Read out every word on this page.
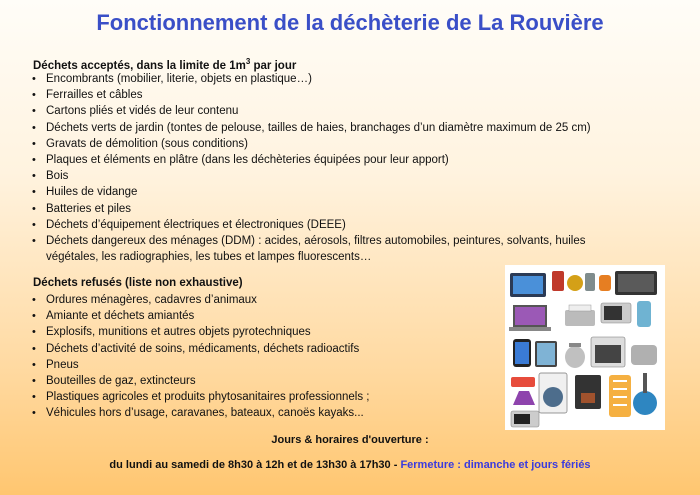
Fonctionnement de la déchèterie de La Rouvière
Déchets acceptés, dans la limite de $1m^3$ par jour
• Encombrants (mobilier, literie, objets en plastique…)
• Ferrailles et câbles
• Cartons pliés et vidés de leur contenu
• Déchets verts de jardin (tontes de pelouse, tailles de haies, branchages d’un diamètre maximum de 25 cm)
• Gravats de démolition (sous conditions)
• Plaques et éléments en plâtre (dans les déchèteries équipées pour leur apport)
• Bois
• Huiles de vidange
• Batteries et piles
• Déchets d’équipement électriques et électroniques (DEEE)
• Déchets dangereux des ménages (DDM) : acides, aérosols, filtres automobiles, peintures, solvants, huiles végétales, les radiographies, les tubes et lampes fluorescents…
Déchets refusés (liste non exhaustive)
• Ordures ménagères, cadavres d’animaux
• Amiante et déchets amiantés
• Explosifs, munitions et autres objets pyrotechniques
• Déchets d’activité de soins, médicaments, déchets radioactifs
• Pneus
• Bouteilles de gaz, extincteurs
• Plastiques agricoles et produits phytosanitaires professionnels ;
• Véhicules hors d’usage, caravanes, bateaux, canoës kayaks...
Jours & horaires d'ouverture :
du lundi au samedi de 8h30 à 12h et de 13h30 à 17h30 - Fermeture : dimanche et jours fériés
